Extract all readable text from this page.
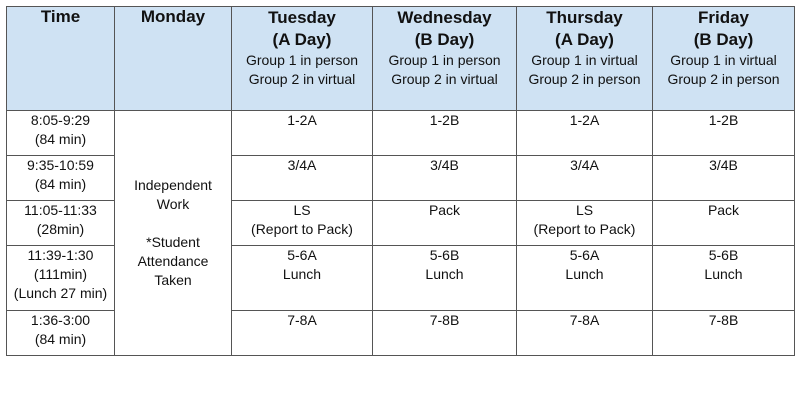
Time	Monday	Tuesday
(A Day)
Group 1 in person
Group 2 in virtual	Wednesday
(B Day)
Group 1 in person
Group 2 in virtual	Thursday
(A Day)
Group 1 in virtual
Group 2 in person	Friday
(B Day)
Group 1 in virtual
Group 2 in person

8:05-9:29
(84 min)	Independent
Work
*Student
Attendance
Taken	1-2A	1-2B	1-2A	1-2B

9:35-10:59
(84 min)		3/4A	3/4B	3/4A	3/4B

11:05-11:33
(28min)		LS
(Report to Pack)	Pack	LS
(Report to Pack)	Pack

11:39-1:30
(111min)
(Lunch 27 min)		5-6A
Lunch	5-6B
Lunch	5-6A
Lunch	5-6B
Lunch

1:36-3:00
(84 min)		7-8A	7-8B	7-8A	7-8B
